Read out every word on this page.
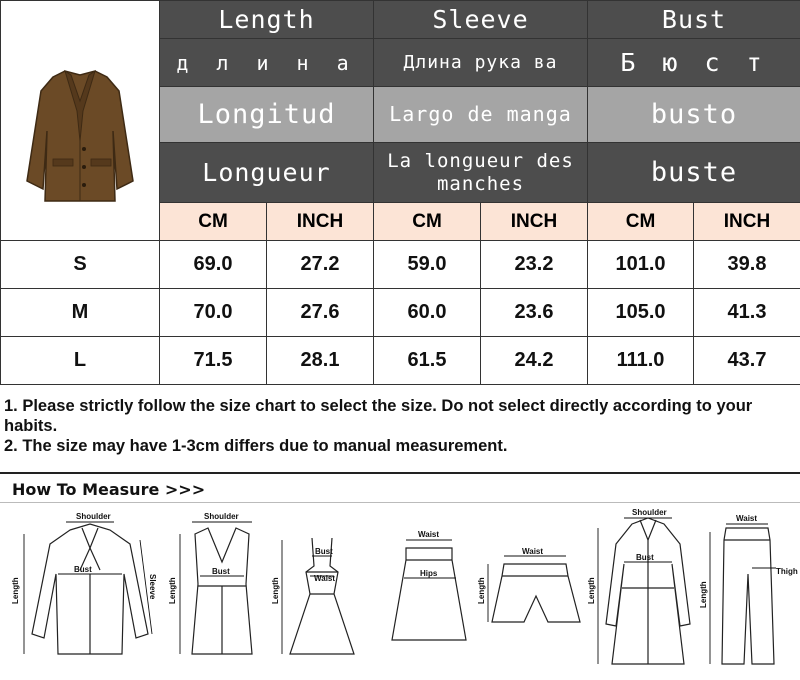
	Length		Sleeve		Bust	
	д л и н а		Длина рука ва		Б ю с т	
	Longitud		Largo de manga		busto	
	Longueur		La longueur des manches		buste	
	CM	INCH	CM	INCH	CM	INCH
S	69.0	27.2	59.0	23.2	101.0	39.8
M	70.0	27.6	60.0	23.6	105.0	41.3
L	71.5	28.1	61.5	24.2	111.0	43.7
1. Please strictly follow the size chart to select the size. Do not select directly according to your habits.
2. The size may have 1-3cm differs due to manual measurement.
How To Measure >>>
Shoulder
Bust
Length	Sleeve
Shoulder
Bust
Length
Bust
Waist
Length
Waist
Hips
Waist
Length
Shoulder
Bust
Length
Waist
Length
Thigh
